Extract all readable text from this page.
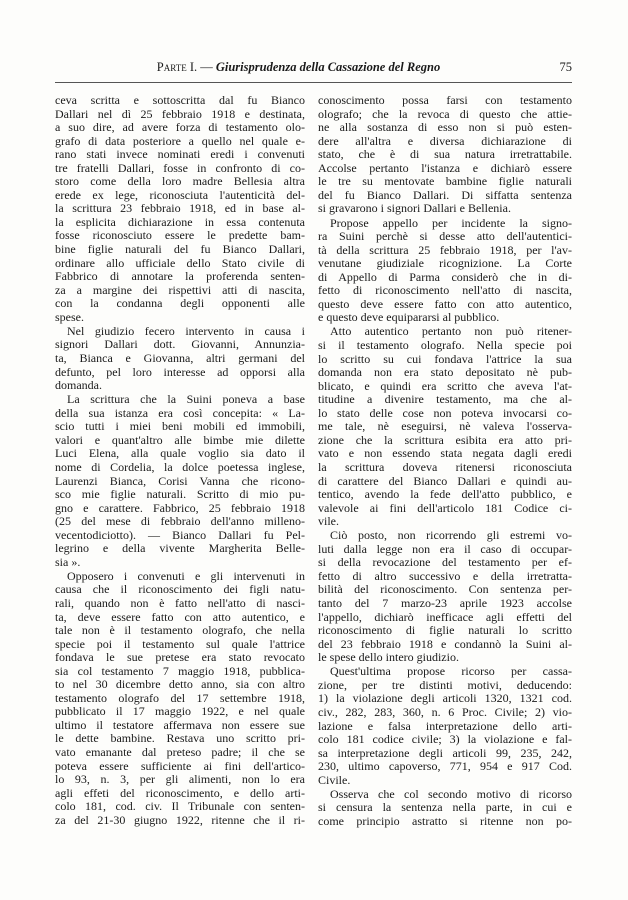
Parte I. — Giurisprudenza della Cassazione del Regno	75
ceva scritta e sottoscritta dal fu Bianco
Dallari nel dì 25 febbraio 1918 e destinata,
a suo dire, ad avere forza di testamento olo-
grafo di data posteriore a quello nel quale e-
rano stati invece nominati eredi i convenuti
tre fratelli Dallari, fosse in confronto di co-
storo come della loro madre Bellesia altra
erede ex lege, riconosciuta l'autenticità del-
la scrittura 23 febbraio 1918, ed in base al-
la esplicita dichiarazione in essa contenuta
fosse riconosciuto essere le predette bam-
bine figlie naturali del fu Bianco Dallari,
ordinare allo ufficiale dello Stato civile di
Fabbrico di annotare la proferenda senten-
za a margine dei rispettivi atti di nascita,
con la condanna degli opponenti alle
spese.
Nel giudizio fecero intervento in causa i
signori Dallari dott. Giovanni, Annunzia-
ta, Bianca e Giovanna, altri germani del
defunto, pel loro interesse ad opporsi alla
domanda.
La scrittura che la Suini poneva a base
della sua istanza era così concepita: « La-
scio tutti i miei beni mobili ed immobili,
valori e quant'altro alle bimbe mie dilette
Luci Elena, alla quale voglio sia dato il
nome di Cordelia, la dolce poetessa inglese,
Laurenzi Bianca, Corisi Vanna che ricono-
sco mie figlie naturali. Scritto di mio pu-
gno e carattere. Fabbrico, 25 febbraio 1918
(25 del mese di febbraio dell'anno milleno-
vecentodiciotto). — Bianco Dallari fu Pel-
legrino e della vivente Margherita Belle-
sia ».
Opposero i convenuti e gli intervenuti in
causa che il riconoscimento dei figli natu-
rali, quando non è fatto nell'atto di nasci-
ta, deve essere fatto con atto autentico, e
tale non è il testamento olografo, che nella
specie poi il testamento sul quale l'attrice
fondava le sue pretese era stato revocato
sia col testamento 7 maggio 1918, pubblica-
to nel 30 dicembre detto anno, sia con altro
testamento olografo del 17 settembre 1918,
pubblicato il 17 maggio 1922, e nel quale
ultimo il testatore affermava non essere sue
le dette bambine. Restava uno scritto pri-
vato emanante dal preteso padre; il che se
poteva essere sufficiente ai fini dell'artico-
lo 93, n. 3, per gli alimenti, non lo era
agli effeti del riconoscimento, e dello arti-
colo 181, cod. civ. Il Tribunale con senten-
za del 21-30 giugno 1922, ritenne che il ri-
conoscimento possa farsi con testamento
olografo; che la revoca di questo che attie-
ne alla sostanza di esso non si può esten-
dere all'altra e diversa dichiarazione di
stato, che è di sua natura irretrattabile.
Accolse pertanto l'istanza e dichiarò essere
le tre su mentovate bambine figlie naturali
del fu Bianco Dallari. Di siffatta sentenza
si gravarono i signori Dallari e Bellenia.
Propose appello per incidente la signo-
ra Suini perchè si desse atto dell'autentici-
tà della scrittura 25 febbraio 1918, per l'av-
venutane giudiziale ricognizione. La Corte
di Appello di Parma considerò che in di-
fetto di riconoscimento nell'atto di nascita,
questo deve essere fatto con atto autentico,
e questo deve equipararsi al pubblico.
Atto autentico pertanto non può ritener-
si il testamento olografo. Nella specie poi
lo scritto su cui fondava l'attrice la sua
domanda non era stato depositato nè pub-
blicato, e quindi era scritto che aveva l'at-
titudine a divenire testamento, ma che al-
lo stato delle cose non poteva invocarsi co-
me tale, nè eseguirsi, nè valeva l'osserva-
zione che la scrittura esibita era atto pri-
vato e non essendo stata negata dagli eredi
la scrittura doveva ritenersi riconosciuta
di carattere del Bianco Dallari e quindi au-
tentico, avendo la fede dell'atto pubblico, e
valevole ai fini dell'articolo 181 Codice ci-
vile.
Ciò posto, non ricorrendo gli estremi vo-
luti dalla legge non era il caso di occupar-
si della revocazione del testamento per ef-
fetto di altro successivo e della irretratta-
bilità del riconoscimento. Con sentenza per-
tanto del 7 marzo-23 aprile 1923 accolse
l'appello, dichiarò inefficace agli effetti del
riconoscimento di figlie naturali lo scritto
del 23 febbraio 1918 e condannò la Suini al-
le spese dello intero giudizio.
Quest'ultima propose ricorso per cassa-
zione, per tre distinti motivi, deducendo:
1) la violazione degli articoli 1320, 1321 cod.
civ., 282, 283, 360, n. 6 Proc. Civile; 2) vio-
lazione e falsa interpretazione dello arti-
colo 181 codice civile; 3) la violazione e fal-
sa interpretazione degli articoli 99, 235, 242,
230, ultimo capoverso, 771, 954 e 917 Cod.
Civile.
Osserva che col secondo motivo di ricorso
si censura la sentenza nella parte, in cui e
come principio astratto si ritenne non po-
